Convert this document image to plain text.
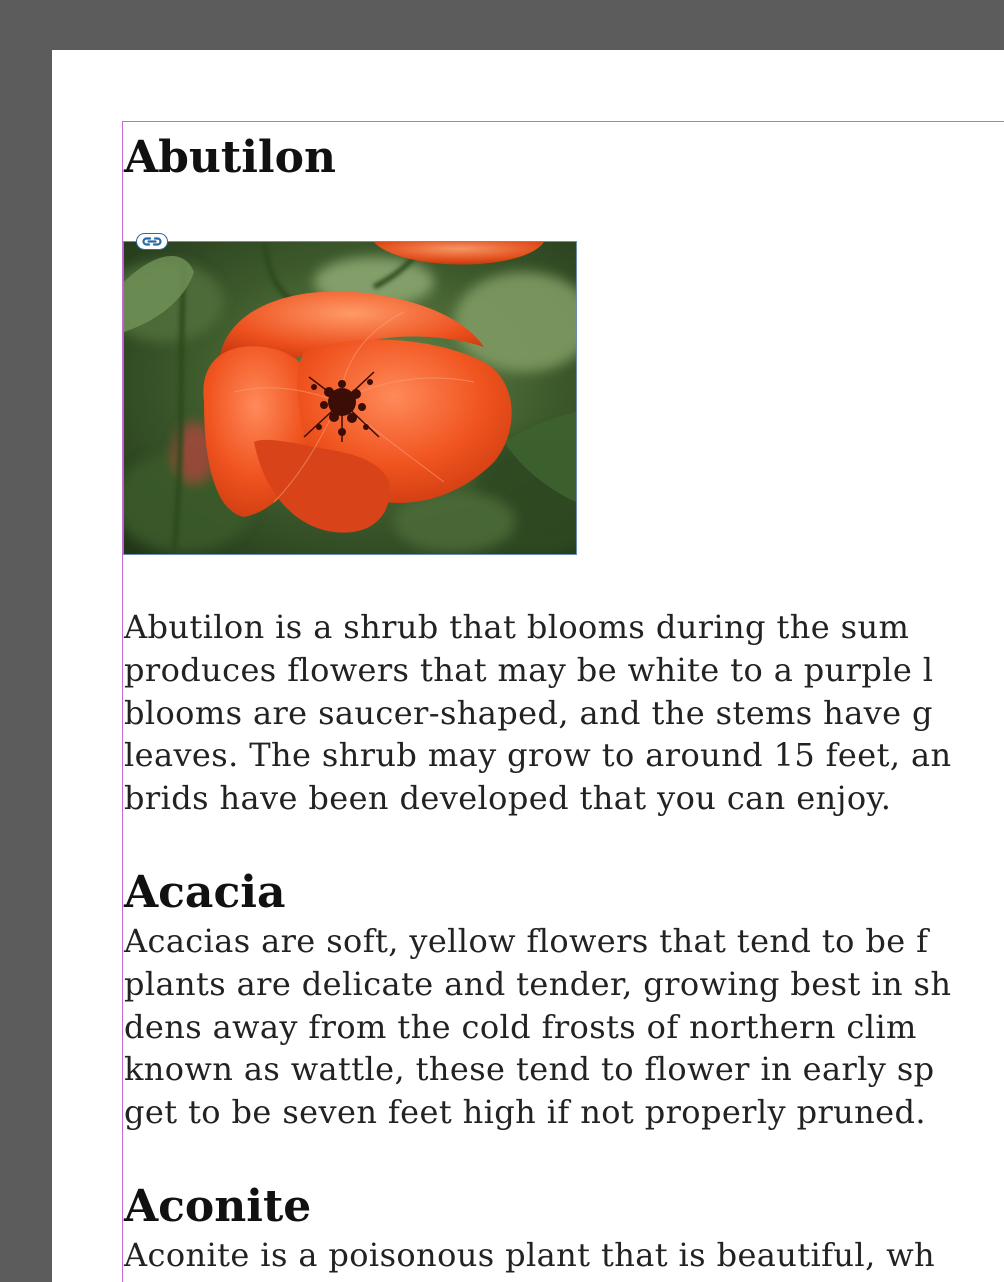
Abutilon

Abutilon is a shrub that blooms during the sum
produces flowers that may be white to a purple l
blooms are saucer-shaped, and the stems have g
leaves. The shrub may grow to around 15 feet, an
brids have been developed that you can enjoy.

Acacia

Acacias are soft, yellow flowers that tend to be f
plants are delicate and tender, growing best in sh
dens away from the cold frosts of northern clim
known as wattle, these tend to flower in early sp
get to be seven feet high if not properly pruned.

Aconite

Aconite is a poisonous plant that is beautiful, wh
